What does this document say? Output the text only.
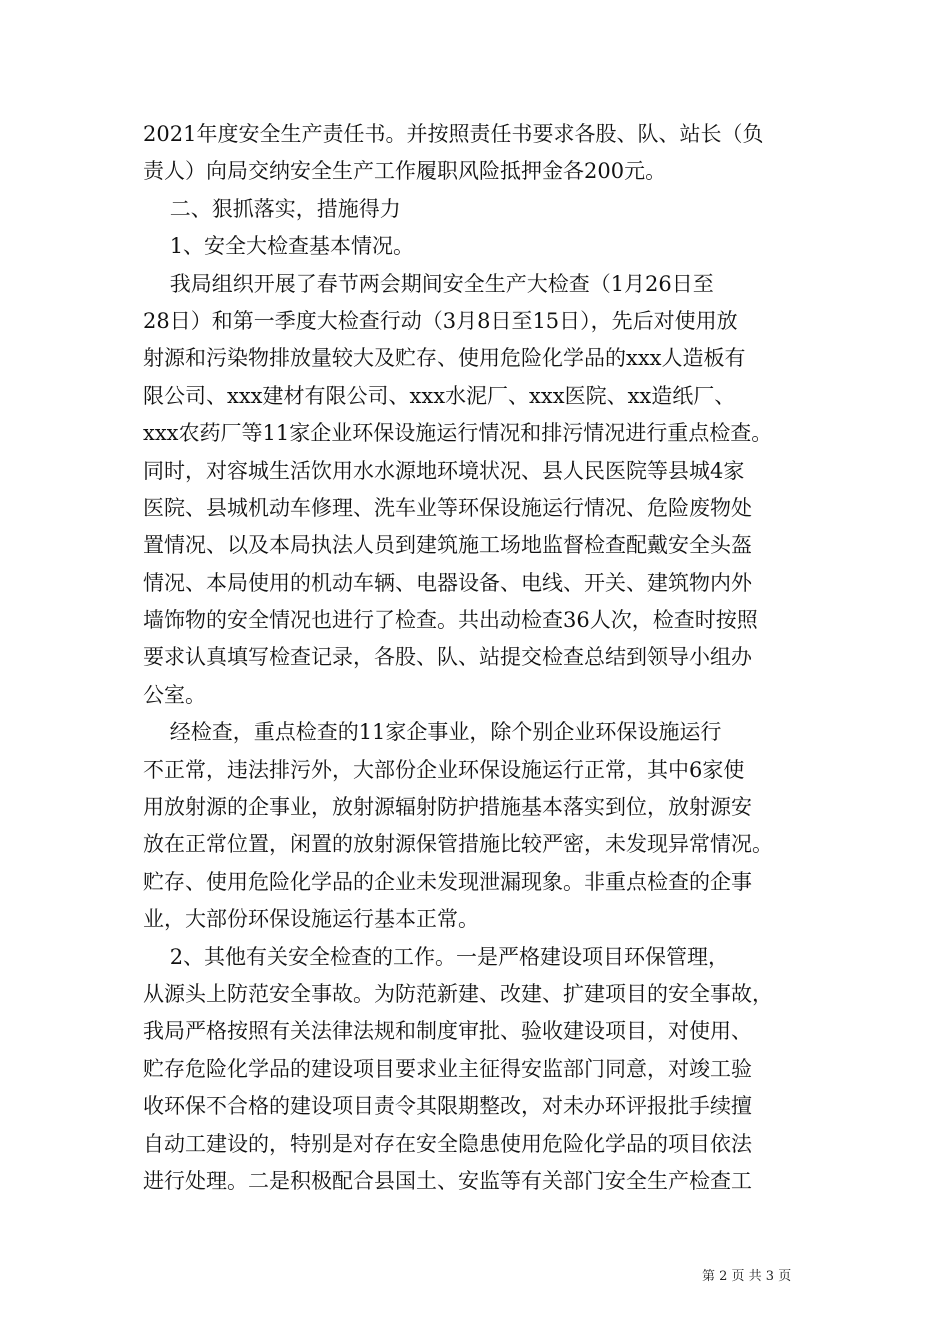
2021年度安全生产责任书。并按照责任书要求各股、队、站长（负
责人）向局交纳安全生产工作履职风险抵押金各200元。
二、狠抓落实，措施得力
1、安全大检查基本情况。
我局组织开展了春节两会期间安全生产大检查（1月26日至
28日）和第一季度大检查行动（3月8日至15日），先后对使用放
射源和污染物排放量较大及贮存、使用危险化学品的xxx人造板有
限公司、xxx建材有限公司、xxx水泥厂、xxx医院、xx造纸厂、
xxx农药厂等11家企业环保设施运行情况和排污情况进行重点检查。
同时，对容城生活饮用水水源地环境状况、县人民医院等县城4家
医院、县城机动车修理、洗车业等环保设施运行情况、危险废物处
置情况、以及本局执法人员到建筑施工场地监督检查配戴安全头盔
情况、本局使用的机动车辆、电器设备、电线、开关、建筑物内外
墙饰物的安全情况也进行了检查。共出动检查36人次，检查时按照
要求认真填写检查记录，各股、队、站提交检查总结到领导小组办
公室。
经检查，重点检查的11家企事业，除个别企业环保设施运行
不正常，违法排污外，大部份企业环保设施运行正常，其中6家使
用放射源的企事业，放射源辐射防护措施基本落实到位，放射源安
放在正常位置，闲置的放射源保管措施比较严密，未发现异常情况。
贮存、使用危险化学品的企业未发现泄漏现象。非重点检查的企事
业，大部份环保设施运行基本正常。
2、其他有关安全检查的工作。一是严格建设项目环保管理，
从源头上防范安全事故。为防范新建、改建、扩建项目的安全事故，
我局严格按照有关法律法规和制度审批、验收建设项目，对使用、
贮存危险化学品的建设项目要求业主征得安监部门同意，对竣工验
收环保不合格的建设项目责令其限期整改，对未办环评报批手续擅
自动工建设的，特别是对存在安全隐患使用危险化学品的项目依法
进行处理。二是积极配合县国土、安监等有关部门安全生产检查工
第 2 页 共 3 页
